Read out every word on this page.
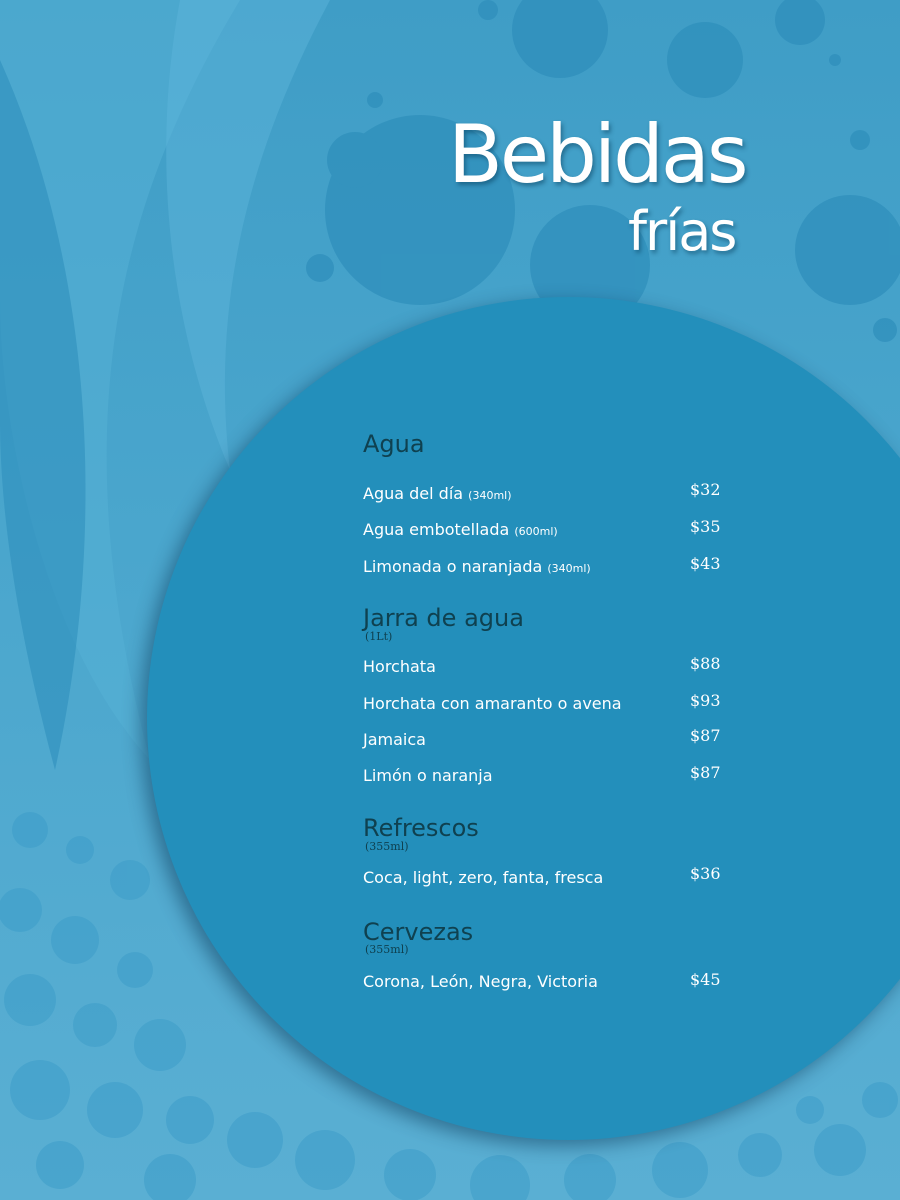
Bebidas
frías
Agua
Agua del día (340ml)	$32
Agua embotellada (600ml)	$35
Limonada o naranjada (340ml)	$43
Jarra de agua
(1Lt)
Horchata	$88
Horchata con amaranto o avena	$93
Jamaica	$87
Limón o naranja	$87
Refrescos
(355ml)
Coca, light, zero, fanta, fresca	$36
Cervezas
(355ml)
Corona, León, Negra, Victoria	$45
